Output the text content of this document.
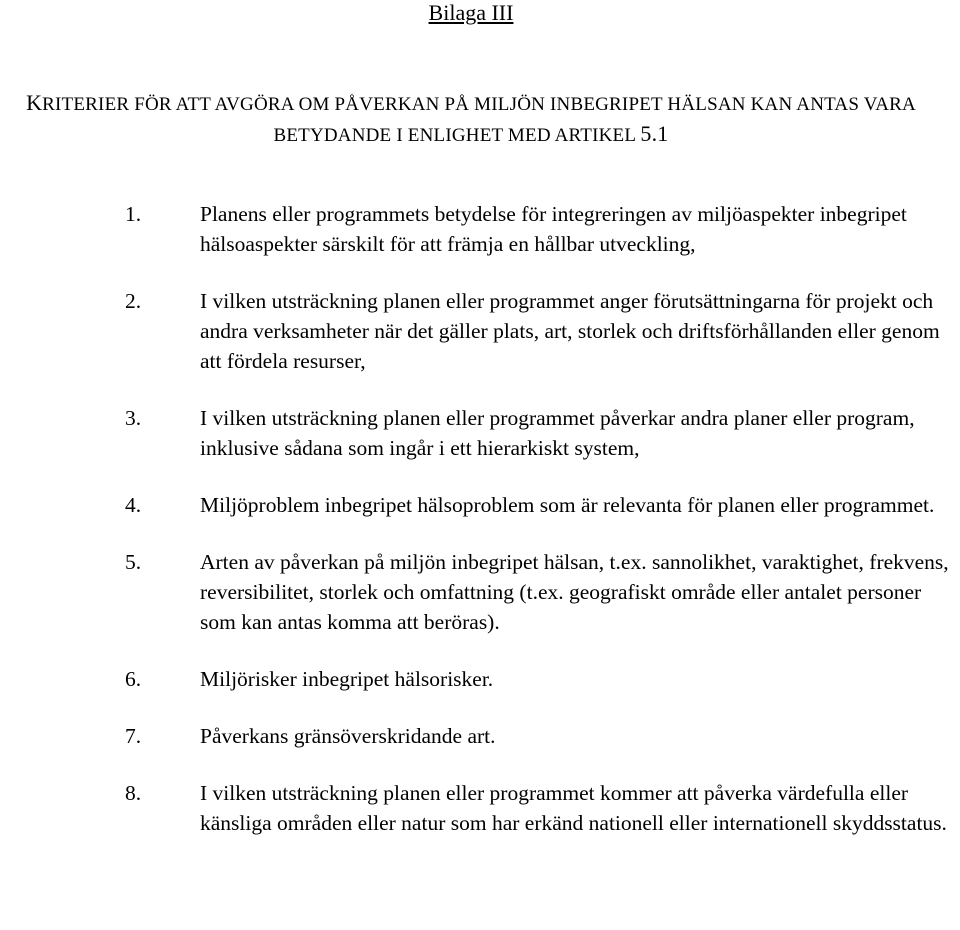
Bilaga III
KRITERIER FÖR ATT AVGÖRA OM PÅVERKAN PÅ MILJÖN INBEGRIPET HÄLSAN KAN ANTAS VARA
BETYDANDE I ENLIGHET MED ARTIKEL 5.1
1.	Planens eller programmets betydelse för integreringen av miljöaspekter inbegripet hälsoaspekter särskilt för att främja en hållbar utveckling,
2.	I vilken utsträckning planen eller programmet anger förutsättningarna för projekt och andra verksamheter när det gäller plats, art, storlek och driftsförhållanden eller genom att fördela resurser,
3.	I vilken utsträckning planen eller programmet påverkar andra planer eller program, inklusive sådana som ingår i ett hierarkiskt system,
4.	Miljöproblem inbegripet hälsoproblem som är relevanta för planen eller programmet.
5.	Arten av påverkan på miljön inbegripet hälsan, t.ex. sannolikhet, varaktighet, frekvens, reversibilitet, storlek och omfattning (t.ex. geografiskt område eller antalet personer som kan antas komma att beröras).
6.	Miljörisker inbegripet hälsorisker.
7.	Påverkans gränsöverskridande art.
8.	I vilken utsträckning planen eller programmet kommer att påverka värdefulla eller känsliga områden eller natur som har erkänd nationell eller internationell skyddsstatus.
